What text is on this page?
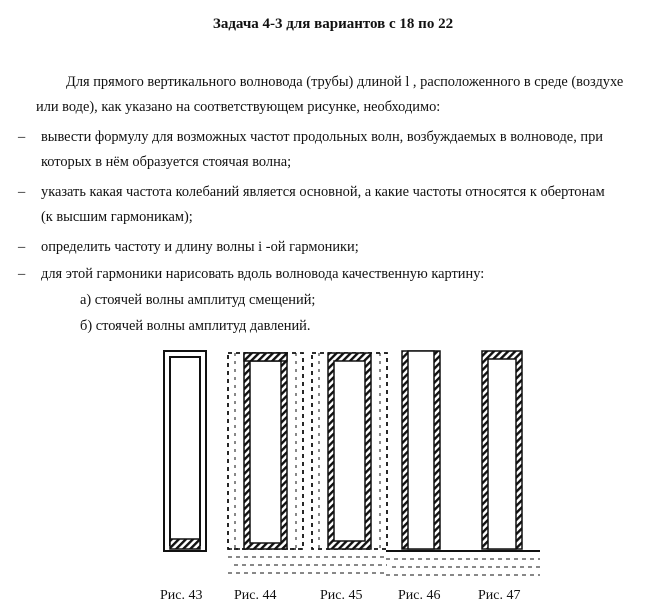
Задача 4-3 для вариантов с 18 по 22
Для прямого вертикального волновода (трубы) длиной l , расположенного в среде (воздухе
или воде), как указано на соответствующем рисунке, необходимо:
– вывести формулу для возможных частот продольных волн, возбуждаемых в волноводе, при
которых в нём образуется стоячая волна;
– указать какая частота колебаний является основной, а какие частоты относятся к обертонам
(к высшим гармоникам);
– определить частоту и длину волны i -ой гармоники;
– для этой гармоники нарисовать вдоль волновода качественную картину:
а) стоячей волны амплитуд смещений;
б) стоячей волны амплитуд давлений.
Рис. 43 Рис. 44	Рис. 45	Рис. 46	Рис. 47
